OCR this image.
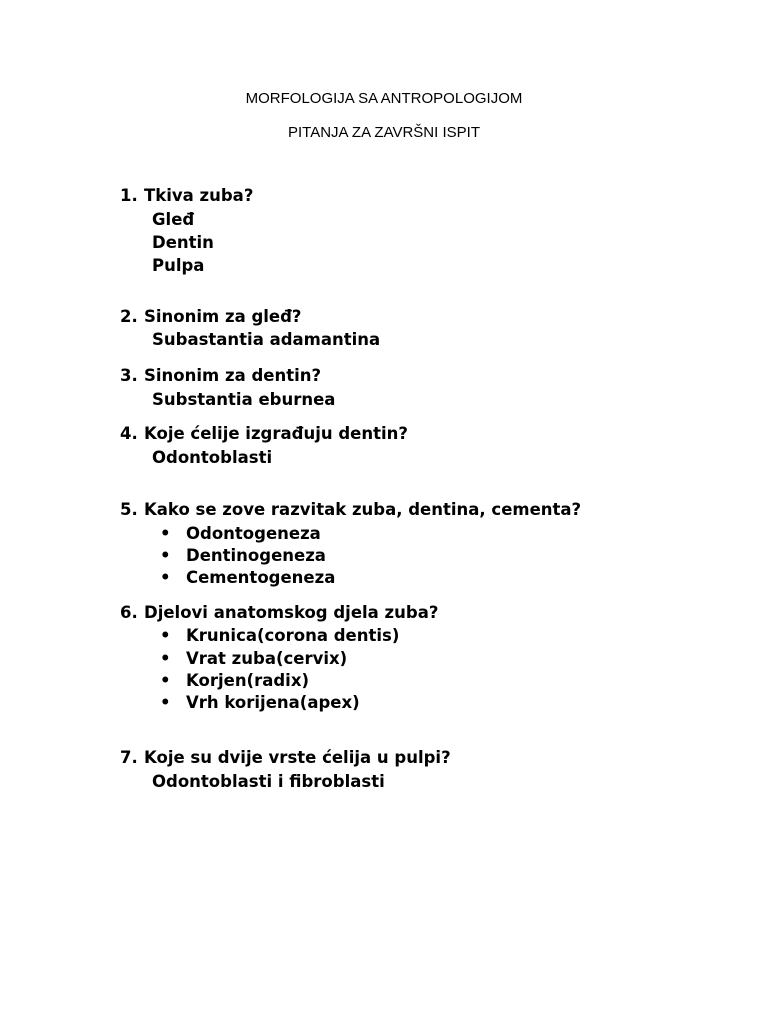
MORFOLOGIJA SA ANTROPOLOGIJOM
PITANJA ZA ZAVRŠNI ISPIT
1. Tkiva zuba?
Gleđ
Dentin
Pulpa
2. Sinonim za gleđ?
Subastantia adamantina
3. Sinonim za dentin?
Substantia eburnea
4. Koje ćelije izgrađuju dentin?
Odontoblasti
5. Kako se zove razvitak zuba, dentina, cementa?
• Odontogeneza
• Dentinogeneza
• Cementogeneza
6. Djelovi anatomskog djela zuba?
• Krunica(corona dentis)
• Vrat zuba(cervix)
• Korjen(radix)
• Vrh korijena(apex)
7. Koje su dvije vrste ćelija u pulpi?
Odontoblasti i fibroblasti
